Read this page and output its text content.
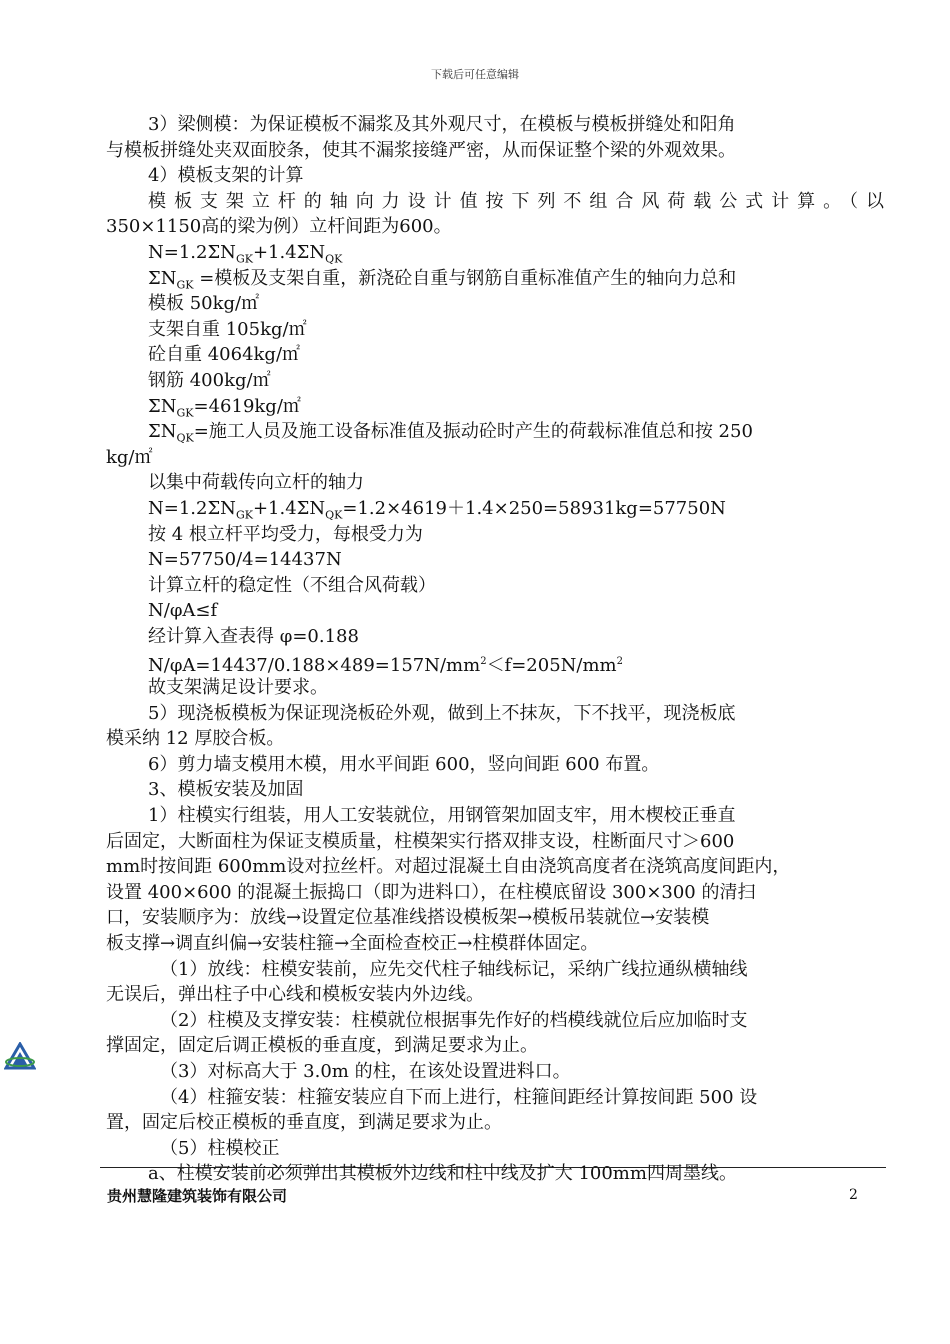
下载后可任意编辑
3）梁侧模：为保证模板不漏浆及其外观尺寸，在模板与模板拼缝处和阳角
与模板拼缝处夹双面胶条，使其不漏浆接缝严密，从而保证整个梁的外观效果。
4）模板支架的计算
模板支架立杆的轴向力设计值按下列不组合风荷载公式计算。（以
350×1150高的梁为例）立杆间距为600。
$N=1.2\Sigma N_{GK}+1.4\Sigma N_{QK}$
$\Sigma N_{GK}$ =模板及支架自重，新浇砼自重与钢筋自重标准值产生的轴向力总和
模板 50kg/㎡
支架自重 105kg/㎡
砼自重 4064kg/㎡
钢筋 400kg/㎡
$\Sigma N_{GK}=4619kg/㎡$
$\Sigma N_{QK}=$施工人员及施工设备标准值及振动砼时产生的荷载标准值总和按 250
kg/㎡
以集中荷载传向立杆的轴力
$N=1.2\Sigma N_{GK}+1.4\Sigma N_{QK}=1.2\times 4619+1.4\times 250=58931kg=57750N$
按 4 根立杆平均受力，每根受力为
N=57750/4=14437N
计算立杆的稳定性（不组合风荷载）
N/φA≤f
经计算入查表得 φ=0.188
$N/\varphi A=14437/0.188\times 489=157N/mm^2<f=205N/mm^2$
故支架满足设计要求。
5）现浇板模板为保证现浇板砼外观，做到上不抹灰，下不找平，现浇板底
模采纳 12 厚胶合板。
6）剪力墙支模用木模，用水平间距 600，竖向间距 600 布置。
3、模板安装及加固
1）柱模实行组装，用人工安装就位，用钢管架加固支牢，用木楔校正垂直
后固定，大断面柱为保证支模质量，柱模架实行搭双排支设，柱断面尺寸＞600
mm时按间距 600mm设对拉丝杆。对超过混凝土自由浇筑高度者在浇筑高度间距内，
设置 400×600 的混凝土振捣口（即为进料口），在柱模底留设 300×300 的清扫
口，安装顺序为：放线→设置定位基准线搭设模板架→模板吊装就位→安装模
板支撑→调直纠偏→安装柱箍→全面检查校正→柱模群体固定。
（1）放线：柱模安装前，应先交代柱子轴线标记，采纳广线拉通纵横轴线
无误后，弹出柱子中心线和模板安装内外边线。
（2）柱模及支撑安装：柱模就位根据事先作好的档模线就位后应加临时支
撑固定，固定后调正模板的垂直度，到满足要求为止。
（3）对标高大于 3.0m 的柱，在该处设置进料口。
（4）柱箍安装：柱箍安装应自下而上进行，柱箍间距经计算按间距 500 设
置，固定后校正模板的垂直度，到满足要求为止。
（5）柱模校正
a、柱模安装前必须弹出其模板外边线和柱中线及扩大 100mm四周墨线。
贵州慧隆建筑装饰有限公司	2
